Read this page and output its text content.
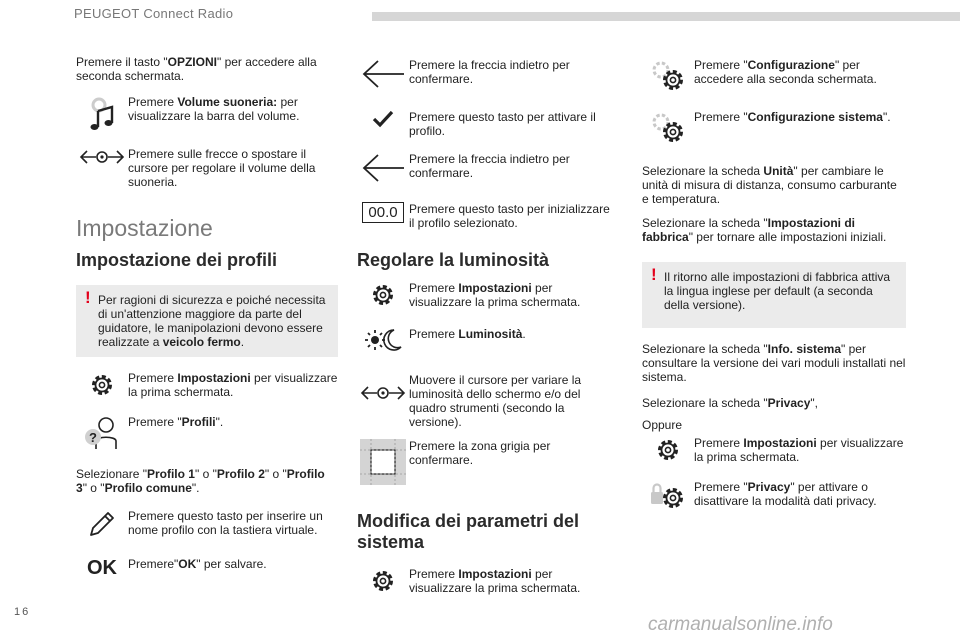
PEUGEOT Connect Radio

Premere il tasto "OPZIONI" per accedere alla seconda schermata.

Premere Volume suoneria: per visualizzare la barra del volume.
Premere sulle frecce o spostare il cursore per regolare il volume della suoneria.
Impostazione
Impostazione dei profili
! Per ragioni di sicurezza e poiché necessita di un'attenzione maggiore da parte del guidatore, le manipolazioni devono essere realizzate a veicolo fermo.
Premere Impostazioni per visualizzare la prima schermata.
?
Premere "Profili".

Selezionare "Profilo 1" o "Profilo 2" o "Profilo 3" o "Profilo comune".

Premere questo tasto per inserire un nome profilo con la tastiera virtuale.
OK Premere"OK" per salvare.
Premere la freccia indietro per confermare.
Premere questo tasto per attivare il profilo.
Premere la freccia indietro per confermare.
00.0 Premere questo tasto per inizializzare il profilo selezionato.
Regolare la luminosità
Premere Impostazioni per visualizzare la prima schermata.
Premere Luminosità.
Muovere il cursore per variare la luminosità dello schermo e/o del quadro strumenti (secondo la versione).
Premere la zona grigia per confermare.
Modifica dei parametri del sistema
Premere Impostazioni per visualizzare la prima schermata.
Premere "Configurazione" per accedere alla seconda schermata.
Premere "Configurazione sistema".

Selezionare la scheda Unità" per cambiare le unità di misura di distanza, consumo carburante e temperatura.

Selezionare la scheda "Impostazioni di fabbrica" per tornare alle impostazioni iniziali.

! Il ritorno alle impostazioni di fabbrica attiva la lingua inglese per default (a seconda della versione).

Selezionare la scheda "Info. sistema" per consultare la versione dei vari moduli installati nel sistema.

Selezionare la scheda "Privacy",

Oppure

Premere Impostazioni per visualizzare la prima schermata.
Premere "Privacy" per attivare o disattivare la modalità dati privacy.
16
carmanualsonline.info
